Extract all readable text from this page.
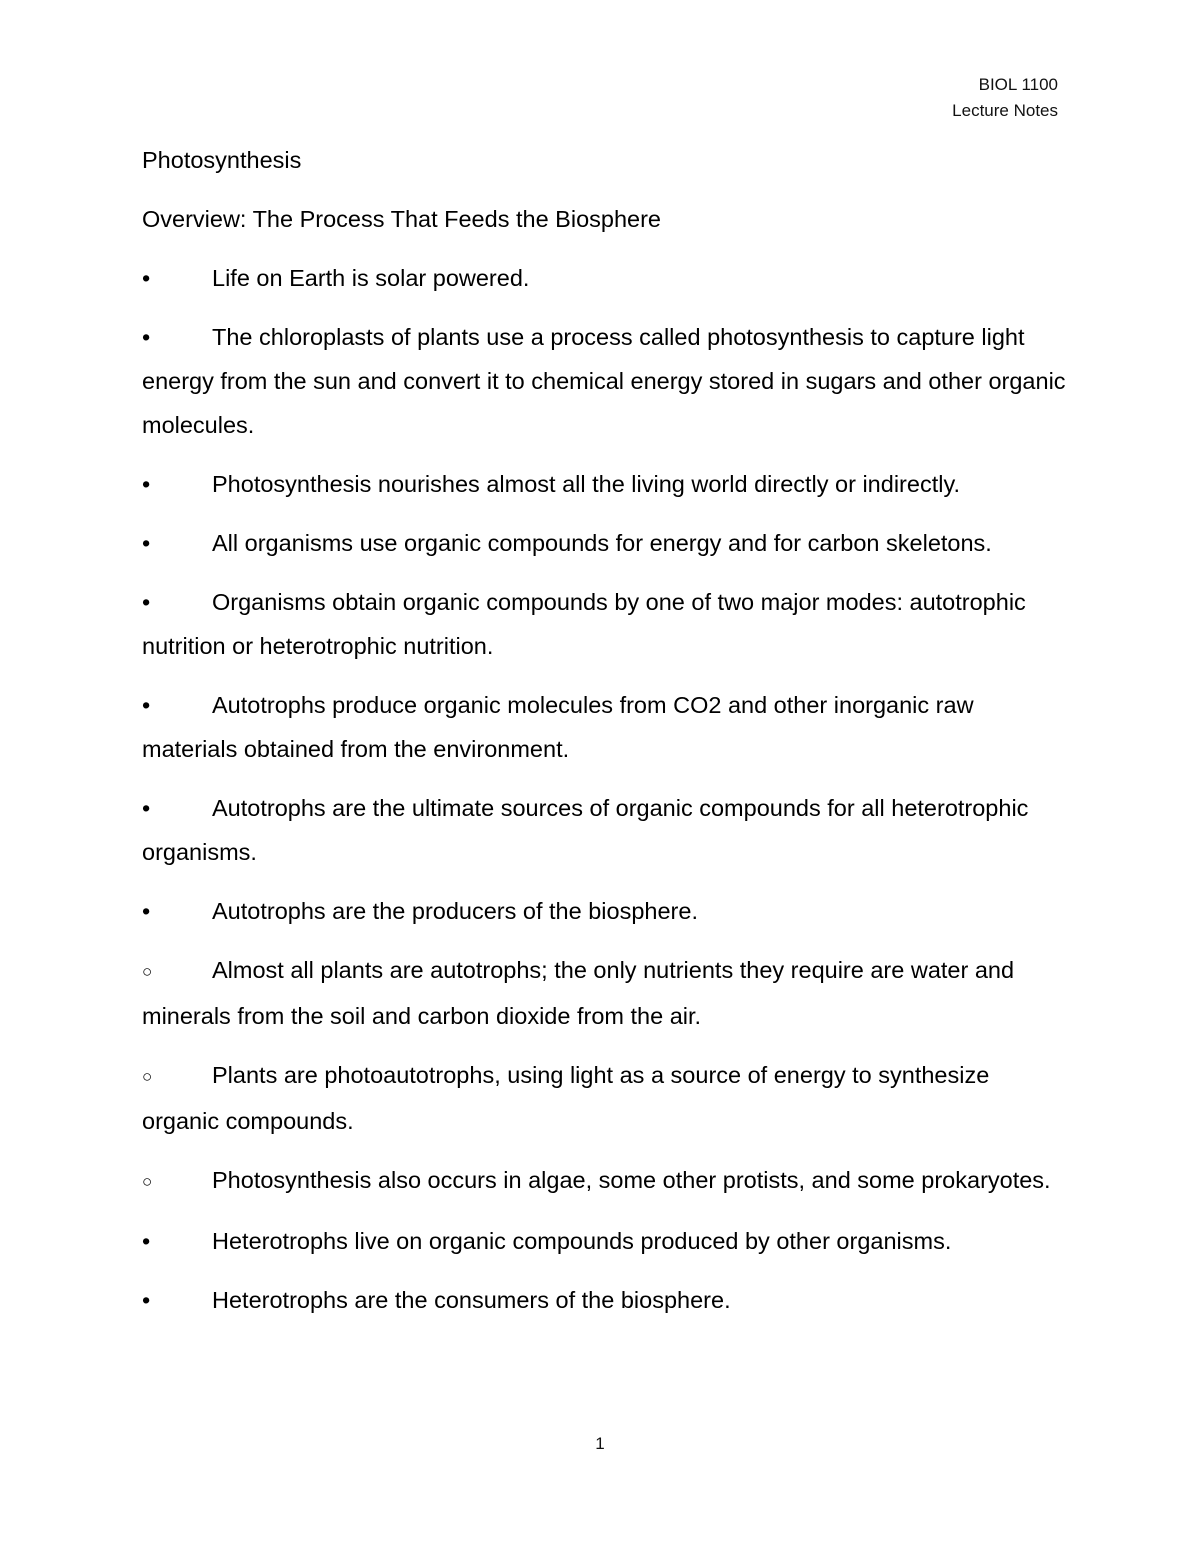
BIOL 1100
Lecture Notes
Photosynthesis
Overview: The Process That Feeds the Biosphere
•	Life on Earth is solar powered.
•	The chloroplasts of plants use a process called photosynthesis to capture light energy from the sun and convert it to chemical energy stored in sugars and other organic molecules.
•	Photosynthesis nourishes almost all the living world directly or indirectly.
•	All organisms use organic compounds for energy and for carbon skeletons.
•	Organisms obtain organic compounds by one of two major modes: autotrophic nutrition or heterotrophic nutrition.
•	Autotrophs produce organic molecules from CO2 and other inorganic raw materials obtained from the environment.
•	Autotrophs are the ultimate sources of organic compounds for all heterotrophic organisms.
•	Autotrophs are the producers of the biosphere.
○	Almost all plants are autotrophs; the only nutrients they require are water and minerals from the soil and carbon dioxide from the air.
○	Plants are photoautotrophs, using light as a source of energy to synthesize organic compounds.
○	Photosynthesis also occurs in algae, some other protists, and some prokaryotes.
•	Heterotrophs live on organic compounds produced by other organisms.
•	Heterotrophs are the consumers of the biosphere.
1
